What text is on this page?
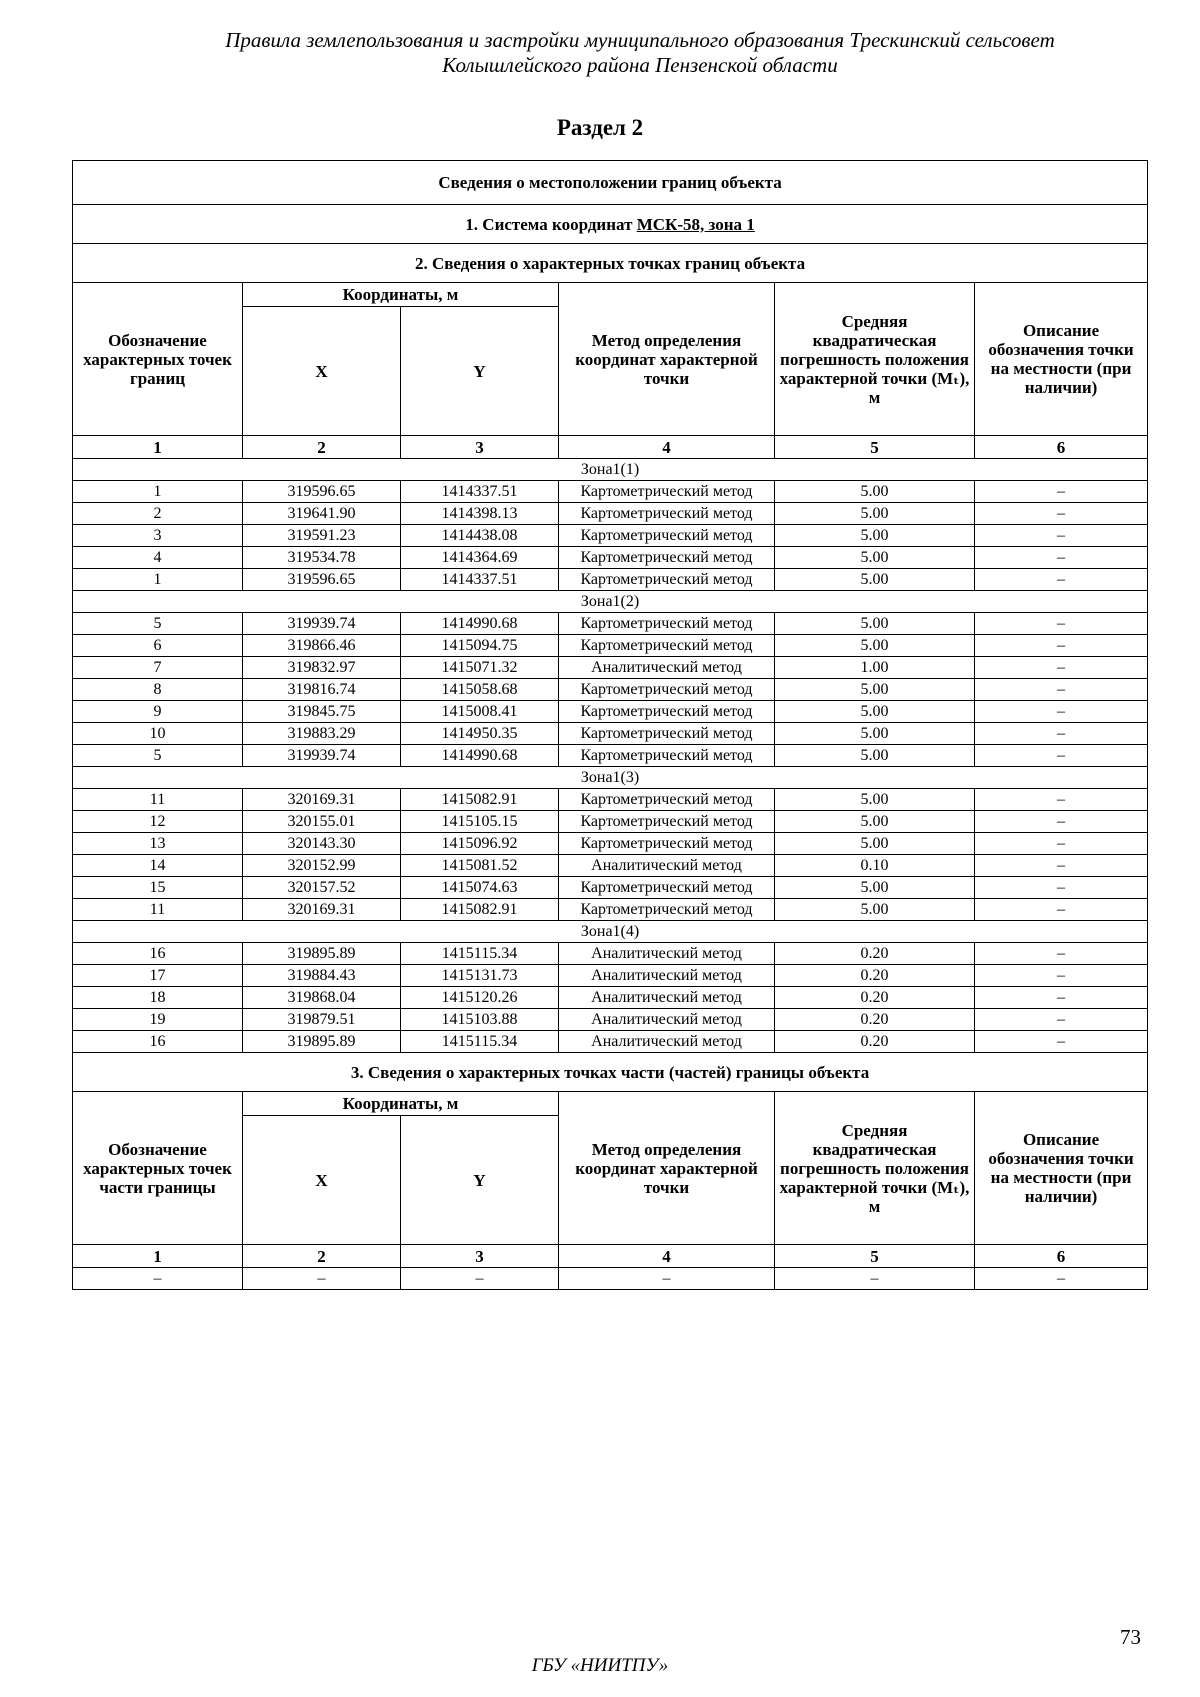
Правила землепользования и застройки муниципального образования Трескинский сельсовет
Колышлейского района Пензенской области
Раздел 2
Сведения о местоположении границ объекта					
1. Система координат МСК-58, зона 1					
2. Сведения о характерных точках границ объекта					
Обозначение характерных точек границ	Координаты, м		Метод определения координат характерной точки	Средняя квадратическая погрешность положения характерной точки (Mₜ), м	Описание обозначения точки на местности (при наличии)
	X	Y			
1	2	3	4	5	6
Зона1(1)					
1	319596.65	1414337.51	Картометрический метод	5.00	–
2	319641.90	1414398.13	Картометрический метод	5.00	–
3	319591.23	1414438.08	Картометрический метод	5.00	–
4	319534.78	1414364.69	Картометрический метод	5.00	–
1	319596.65	1414337.51	Картометрический метод	5.00	–
Зона1(2)					
5	319939.74	1414990.68	Картометрический метод	5.00	–
6	319866.46	1415094.75	Картометрический метод	5.00	–
7	319832.97	1415071.32	Аналитический метод	1.00	–
8	319816.74	1415058.68	Картометрический метод	5.00	–
9	319845.75	1415008.41	Картометрический метод	5.00	–
10	319883.29	1414950.35	Картометрический метод	5.00	–
5	319939.74	1414990.68	Картометрический метод	5.00	–
Зона1(3)					
11	320169.31	1415082.91	Картометрический метод	5.00	–
12	320155.01	1415105.15	Картометрический метод	5.00	–
13	320143.30	1415096.92	Картометрический метод	5.00	–
14	320152.99	1415081.52	Аналитический метод	0.10	–
15	320157.52	1415074.63	Картометрический метод	5.00	–
11	320169.31	1415082.91	Картометрический метод	5.00	–
Зона1(4)					
16	319895.89	1415115.34	Аналитический метод	0.20	–
17	319884.43	1415131.73	Аналитический метод	0.20	–
18	319868.04	1415120.26	Аналитический метод	0.20	–
19	319879.51	1415103.88	Аналитический метод	0.20	–
16	319895.89	1415115.34	Аналитический метод	0.20	–
3. Сведения о характерных точках части (частей) границы объекта					
Обозначение характерных точек части границы	Координаты, м		Метод определения координат характерной точки	Средняя квадратическая погрешность положения характерной точки (Mₜ), м	Описание обозначения точки на местности (при наличии)
	X	Y			
1	2	3	4	5	6
–	–	–	–	–	–
73
ГБУ «НИИТПУ»
